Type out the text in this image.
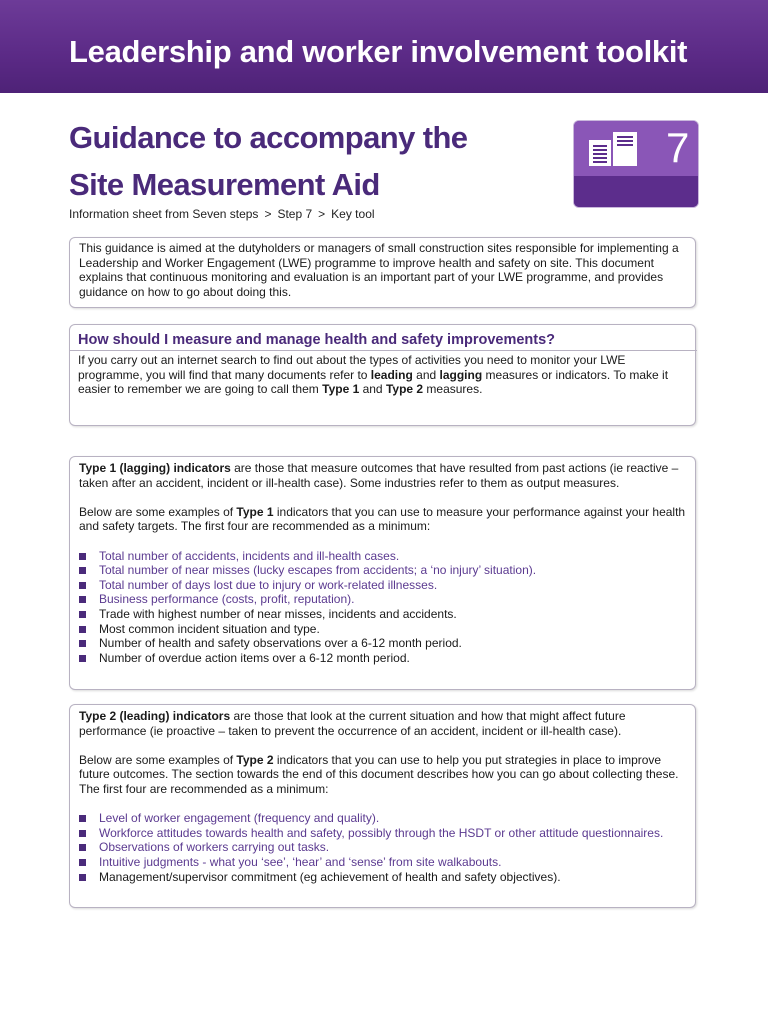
Leadership and worker involvement toolkit
Guidance to accompany the
Site Measurement Aid
Information sheet from Seven steps > Step 7 > Key tool
7

This guidance is aimed at the dutyholders or managers of small construction sites responsible for implementing a Leadership and Worker Engagement (LWE) programme to improve health and safety on site. This document explains that continuous monitoring and evaluation is an important part of your LWE programme, and provides guidance on how to go about doing this.

How should I measure and manage health and safety improvements?

If you carry out an internet search to find out about the types of activities you need to monitor your LWE programme, you will find that many documents refer to leading and lagging measures or indicators. To make it easier to remember we are going to call them Type 1 and Type 2 measures.

Type 1 (lagging) indicators are those that measure outcomes that have resulted from past actions (ie reactive – taken after an accident, incident or ill-health case). Some industries refer to them as output measures.

Below are some examples of Type 1 indicators that you can use to measure your performance against your health and safety targets. The first four are recommended as a minimum:

Total number of accidents, incidents and ill-health cases.
Total number of near misses (lucky escapes from accidents; a ‘no injury’ situation).
Total number of days lost due to injury or work-related illnesses.
Business performance (costs, profit, reputation).
Trade with highest number of near misses, incidents and accidents.
Most common incident situation and type.
Number of health and safety observations over a 6-12 month period.
Number of overdue action items over a 6-12 month period.

Type 2 (leading) indicators are those that look at the current situation and how that might affect future performance (ie proactive – taken to prevent the occurrence of an accident, incident or ill-health case).

Below are some examples of Type 2 indicators that you can use to help you put strategies in place to improve future outcomes. The section towards the end of this document describes how you can go about collecting these. The first four are recommended as a minimum:

Level of worker engagement (frequency and quality).
Workforce attitudes towards health and safety, possibly through the HSDT or other attitude questionnaires.
Observations of workers carrying out tasks.
Intuitive judgments - what you ‘see’, ‘hear’ and ‘sense’ from site walkabouts.
Management/supervisor commitment (eg achievement of health and safety objectives).
